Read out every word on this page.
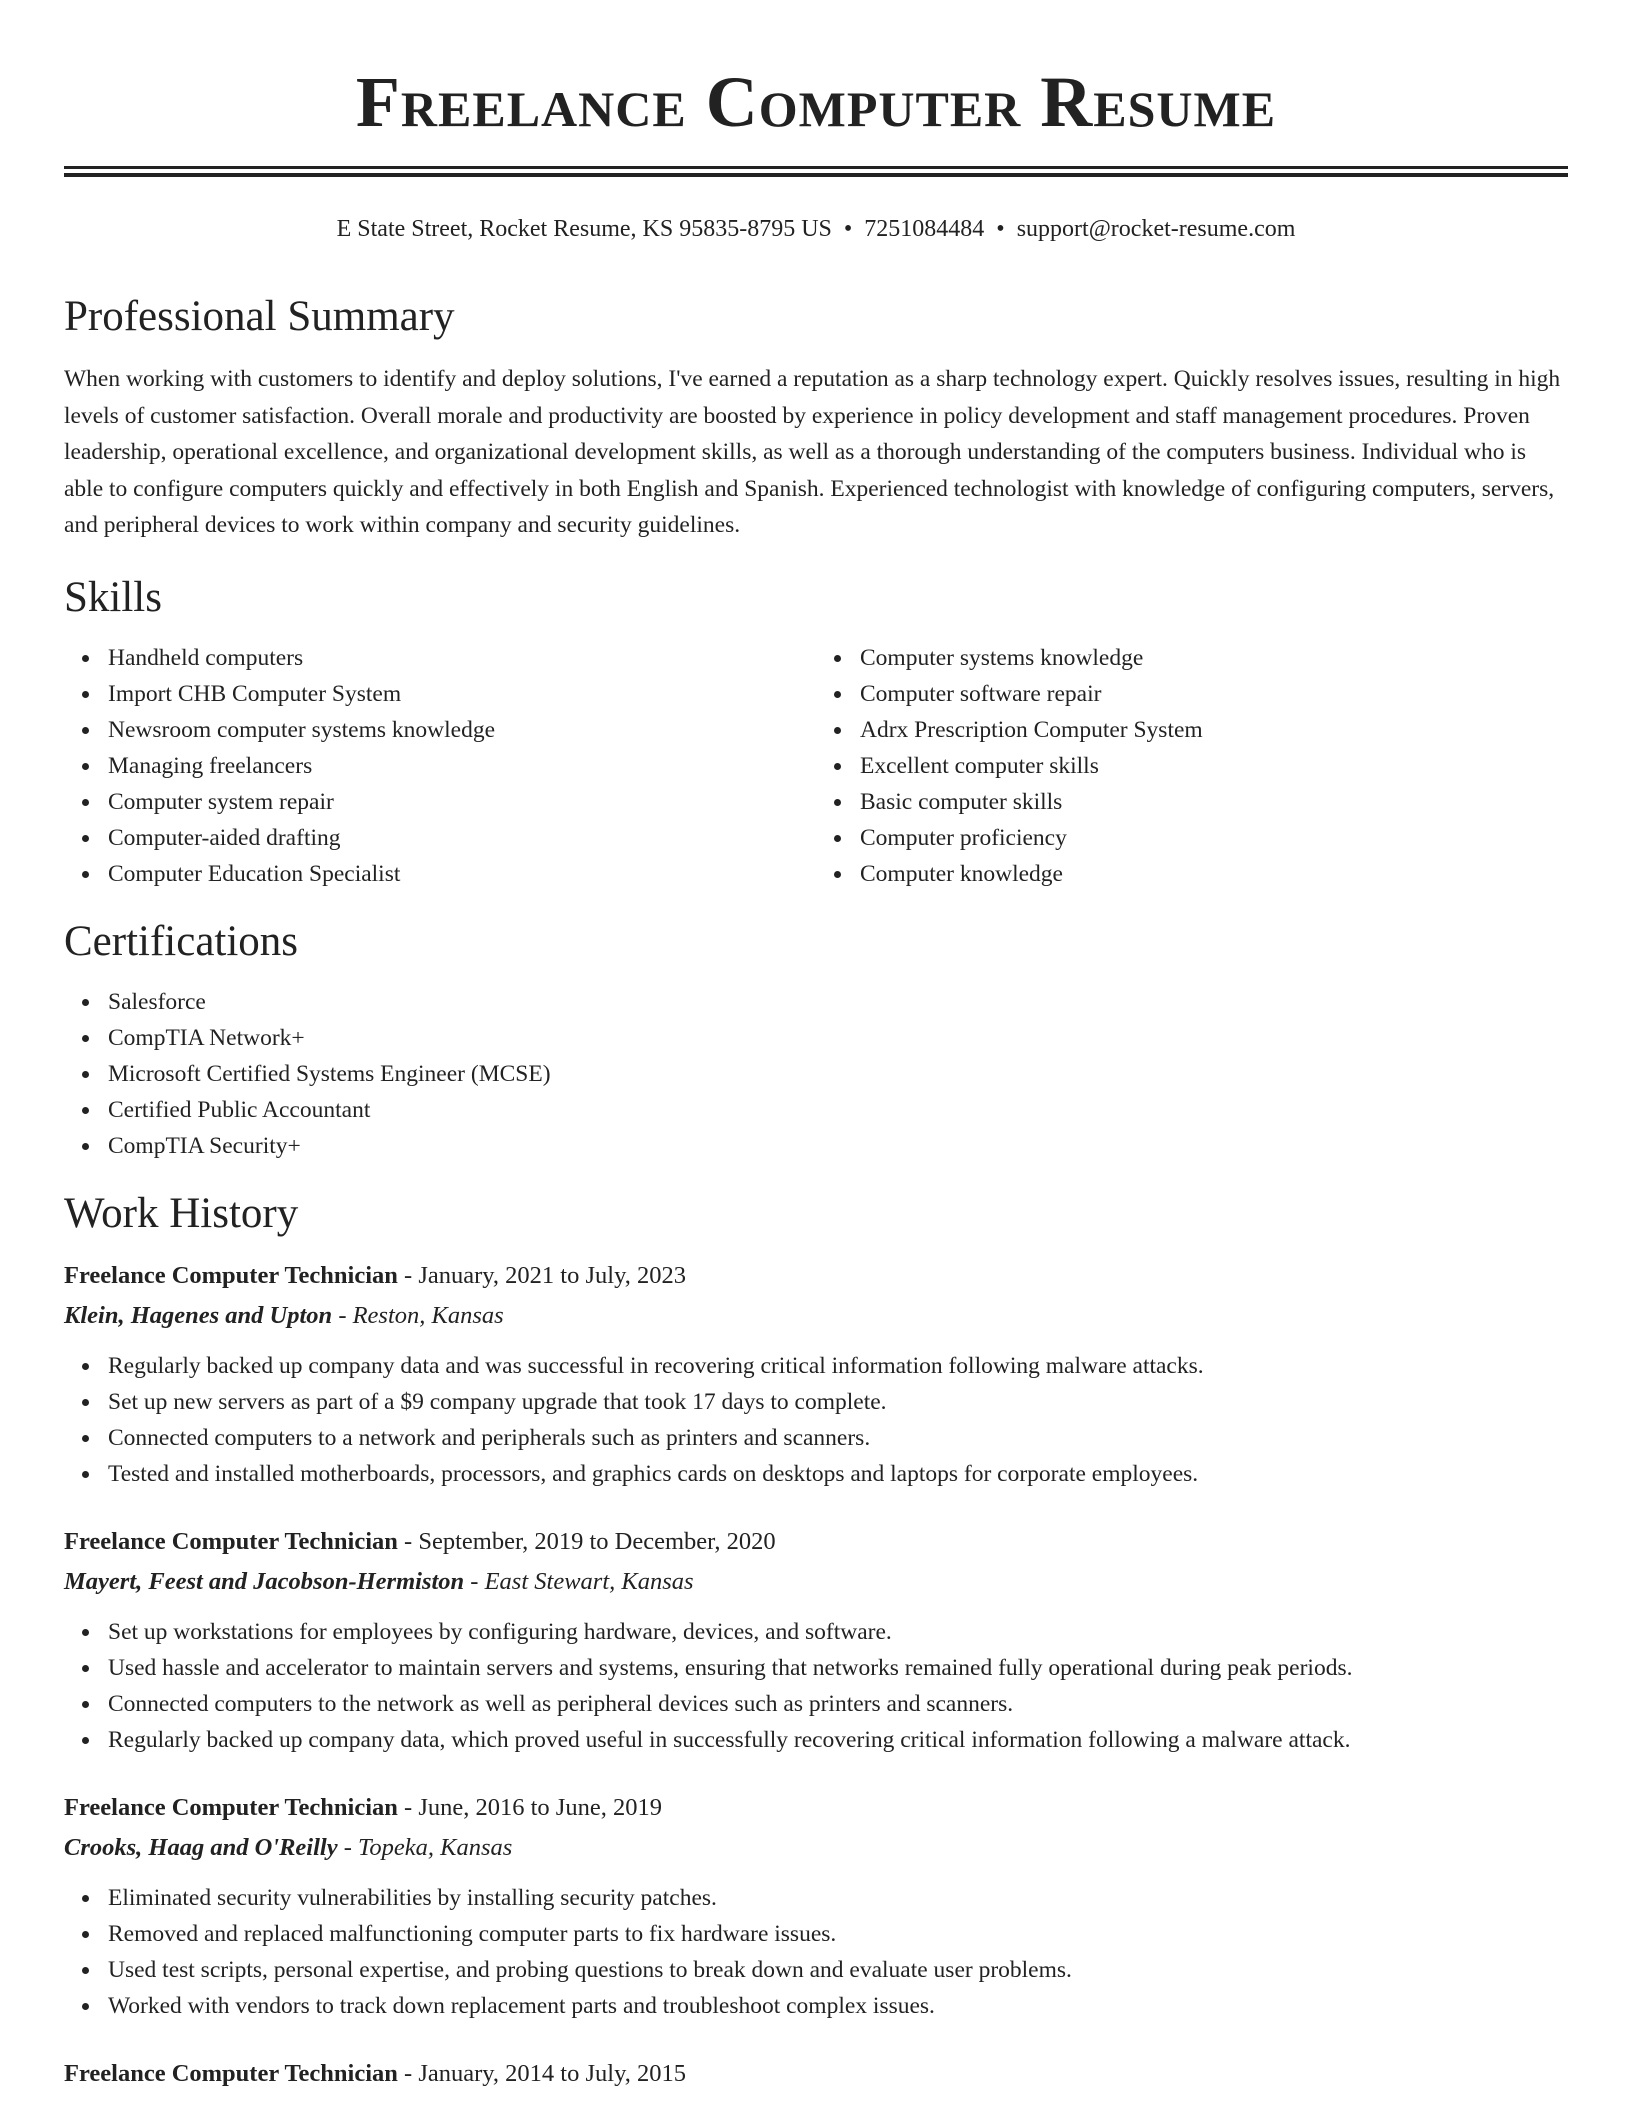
Freelance Computer Resume
E State Street, Rocket Resume, KS 95835-8795 US • 7251084484 • support@rocket-resume.com
Professional Summary

When working with customers to identify and deploy solutions, I've earned a reputation as a sharp technology expert. Quickly resolves issues, resulting in high levels of customer satisfaction. Overall morale and productivity are boosted by experience in policy development and staff management procedures. Proven leadership, operational excellence, and organizational development skills, as well as a thorough understanding of the computers business. Individual who is able to configure computers quickly and effectively in both English and Spanish. Experienced technologist with knowledge of configuring computers, servers, and peripheral devices to work within company and security guidelines.

Skills
Handheld computers
Import CHB Computer System
Newsroom computer systems knowledge
Managing freelancers
Computer system repair
Computer-aided drafting
Computer Education Specialist
Computer systems knowledge
Computer software repair
Adrx Prescription Computer System
Excellent computer skills
Basic computer skills
Computer proficiency
Computer knowledge
Certifications
Salesforce
CompTIA Network+
Microsoft Certified Systems Engineer (MCSE)
Certified Public Accountant
CompTIA Security+
Work History
Freelance Computer Technician - January, 2021 to July, 2023
Klein, Hagenes and Upton - Reston, Kansas
Regularly backed up company data and was successful in recovering critical information following malware attacks.
Set up new servers as part of a $9 company upgrade that took 17 days to complete.
Connected computers to a network and peripherals such as printers and scanners.
Tested and installed motherboards, processors, and graphics cards on desktops and laptops for corporate employees.
Freelance Computer Technician - September, 2019 to December, 2020
Mayert, Feest and Jacobson-Hermiston - East Stewart, Kansas
Set up workstations for employees by configuring hardware, devices, and software.
Used hassle and accelerator to maintain servers and systems, ensuring that networks remained fully operational during peak periods.
Connected computers to the network as well as peripheral devices such as printers and scanners.
Regularly backed up company data, which proved useful in successfully recovering critical information following a malware attack.
Freelance Computer Technician - June, 2016 to June, 2019
Crooks, Haag and O'Reilly - Topeka, Kansas
Eliminated security vulnerabilities by installing security patches.
Removed and replaced malfunctioning computer parts to fix hardware issues.
Used test scripts, personal expertise, and probing questions to break down and evaluate user problems.
Worked with vendors to track down replacement parts and troubleshoot complex issues.
Freelance Computer Technician - January, 2014 to July, 2015
